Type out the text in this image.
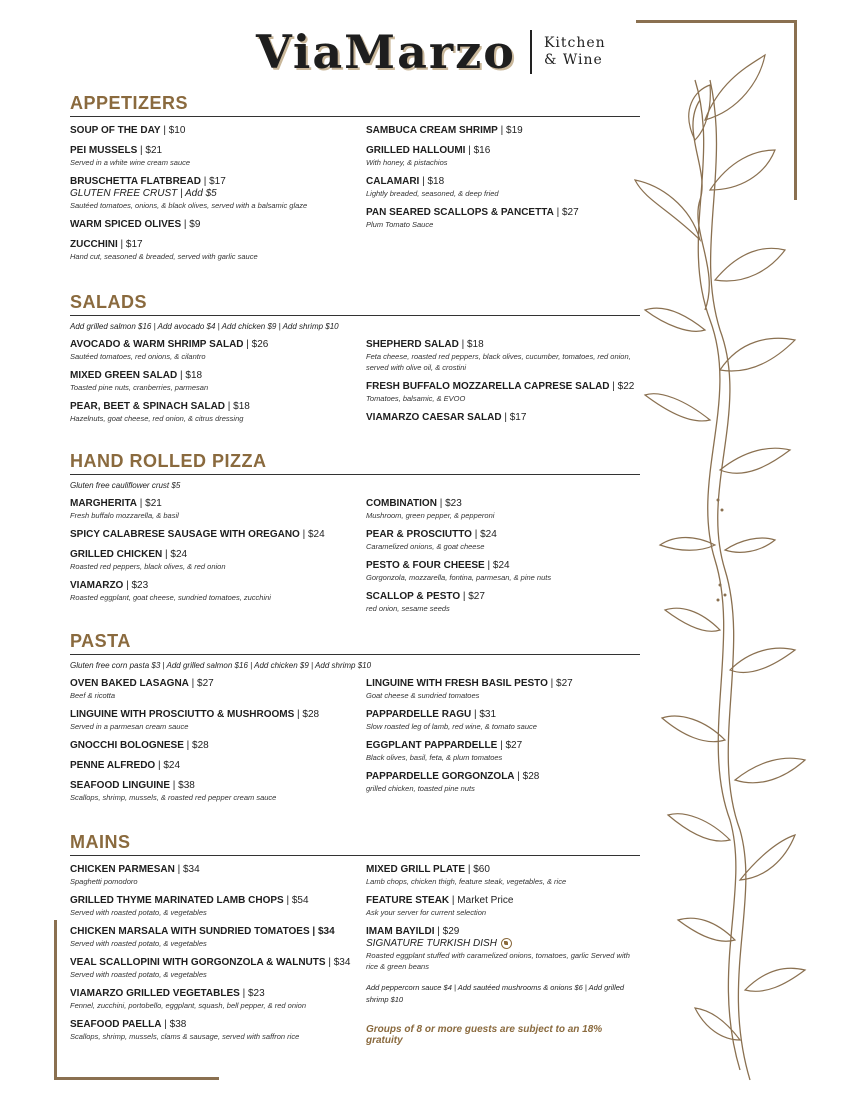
ViaMarzo Kitchen
& Wine
APPETIZERS
SOUP OF THE DAY | $10
PEI MUSSELS | $21
Served in a white wine cream sauce
BRUSCHETTA FLATBREAD | $17
GLUTEN FREE CRUST | Add $5
Sautéed tomatoes, onions, & black olives, served with a balsamic glaze
WARM SPICED OLIVES | $9
ZUCCHINI | $17
Hand cut, seasoned & breaded, served with garlic sauce
SAMBUCA CREAM SHRIMP | $19
GRILLED HALLOUMI | $16
With honey, & pistachios
CALAMARI | $18
Lightly breaded, seasoned, & deep fried
PAN SEARED SCALLOPS & PANCETTA | $27
Plum Tomato Sauce
SALADS
Add grilled salmon $16 | Add avocado $4 | Add chicken $9 | Add shrimp $10
AVOCADO & WARM SHRIMP SALAD | $26
Sautéed tomatoes, red onions, & cilantro
MIXED GREEN SALAD | $18
Toasted pine nuts, cranberries, parmesan
PEAR, BEET & SPINACH SALAD | $18
Hazelnuts, goat cheese, red onion, & citrus dressing
SHEPHERD SALAD | $18
Feta cheese, roasted red peppers, black olives, cucumber, tomatoes, red onion, served with olive oil, & crostini
FRESH BUFFALO MOZZARELLA CAPRESE SALAD | $22
Tomatoes, balsamic, & EVOO
VIAMARZO CAESAR SALAD | $17
HAND ROLLED PIZZA
Gluten free cauliflower crust $5
MARGHERITA | $21
Fresh buffalo mozzarella, & basil
SPICY CALABRESE SAUSAGE WITH OREGANO | $24
GRILLED CHICKEN | $24
Roasted red peppers, black olives, & red onion
VIAMARZO | $23
Roasted eggplant, goat cheese, sundried tomatoes, zucchini
COMBINATION | $23
Mushroom, green pepper, & pepperoni
PEAR & PROSCIUTTO | $24
Caramelized onions, & goat cheese
PESTO & FOUR CHEESE | $24
Gorgonzola, mozzarella, fontina, parmesan, & pine nuts
SCALLOP & PESTO | $27
red onion, sesame seeds
PASTA
Gluten free corn pasta $3 | Add grilled salmon $16 | Add chicken $9 | Add shrimp $10
OVEN BAKED LASAGNA | $27
Beef & ricotta
LINGUINE WITH PROSCIUTTO & MUSHROOMS | $28
Served in a parmesan cream sauce
GNOCCHI BOLOGNESE | $28
PENNE ALFREDO | $24
SEAFOOD LINGUINE | $38
Scallops, shrimp, mussels, & roasted red pepper cream sauce
LINGUINE WITH FRESH BASIL PESTO | $27
Goat cheese & sundried tomatoes
PAPPARDELLE RAGU | $31
Slow roasted leg of lamb, red wine, & tomato sauce
EGGPLANT PAPPARDELLE | $27
Black olives, basil, feta, & plum tomatoes
PAPPARDELLE GORGONZOLA | $28
grilled chicken, toasted pine nuts
MAINS
CHICKEN PARMESAN | $34
Spaghetti pomodoro
GRILLED THYME MARINATED LAMB CHOPS | $54
Served with roasted potato, & vegetables
CHICKEN MARSALA WITH SUNDRIED TOMATOES | $34
Served with roasted potato, & vegetables
VEAL SCALLOPINI WITH GORGONZOLA & WALNUTS | $34
Served with roasted potato, & vegetables
VIAMARZO GRILLED VEGETABLES | $23
Fennel, zucchini, portobello, eggplant, squash, bell pepper, & red onion
SEAFOOD PAELLA | $38
Scallops, shrimp, mussels, clams & sausage, served with saffron rice
MIXED GRILL PLATE | $60
Lamb chops, chicken thigh, feature steak, vegetables, & rice
FEATURE STEAK | Market Price
Ask your server for current selection
IMAM BAYILDI | $29
SIGNATURE TURKISH DISH
Roasted eggplant stuffed with caramelized onions, tomatoes, garlic Served with rice & green beans
Add peppercorn sauce $4 | Add sautéed mushrooms & onions $6 | Add grilled shrimp $10
Groups of 8 or more guests are subject to an 18% gratuity
